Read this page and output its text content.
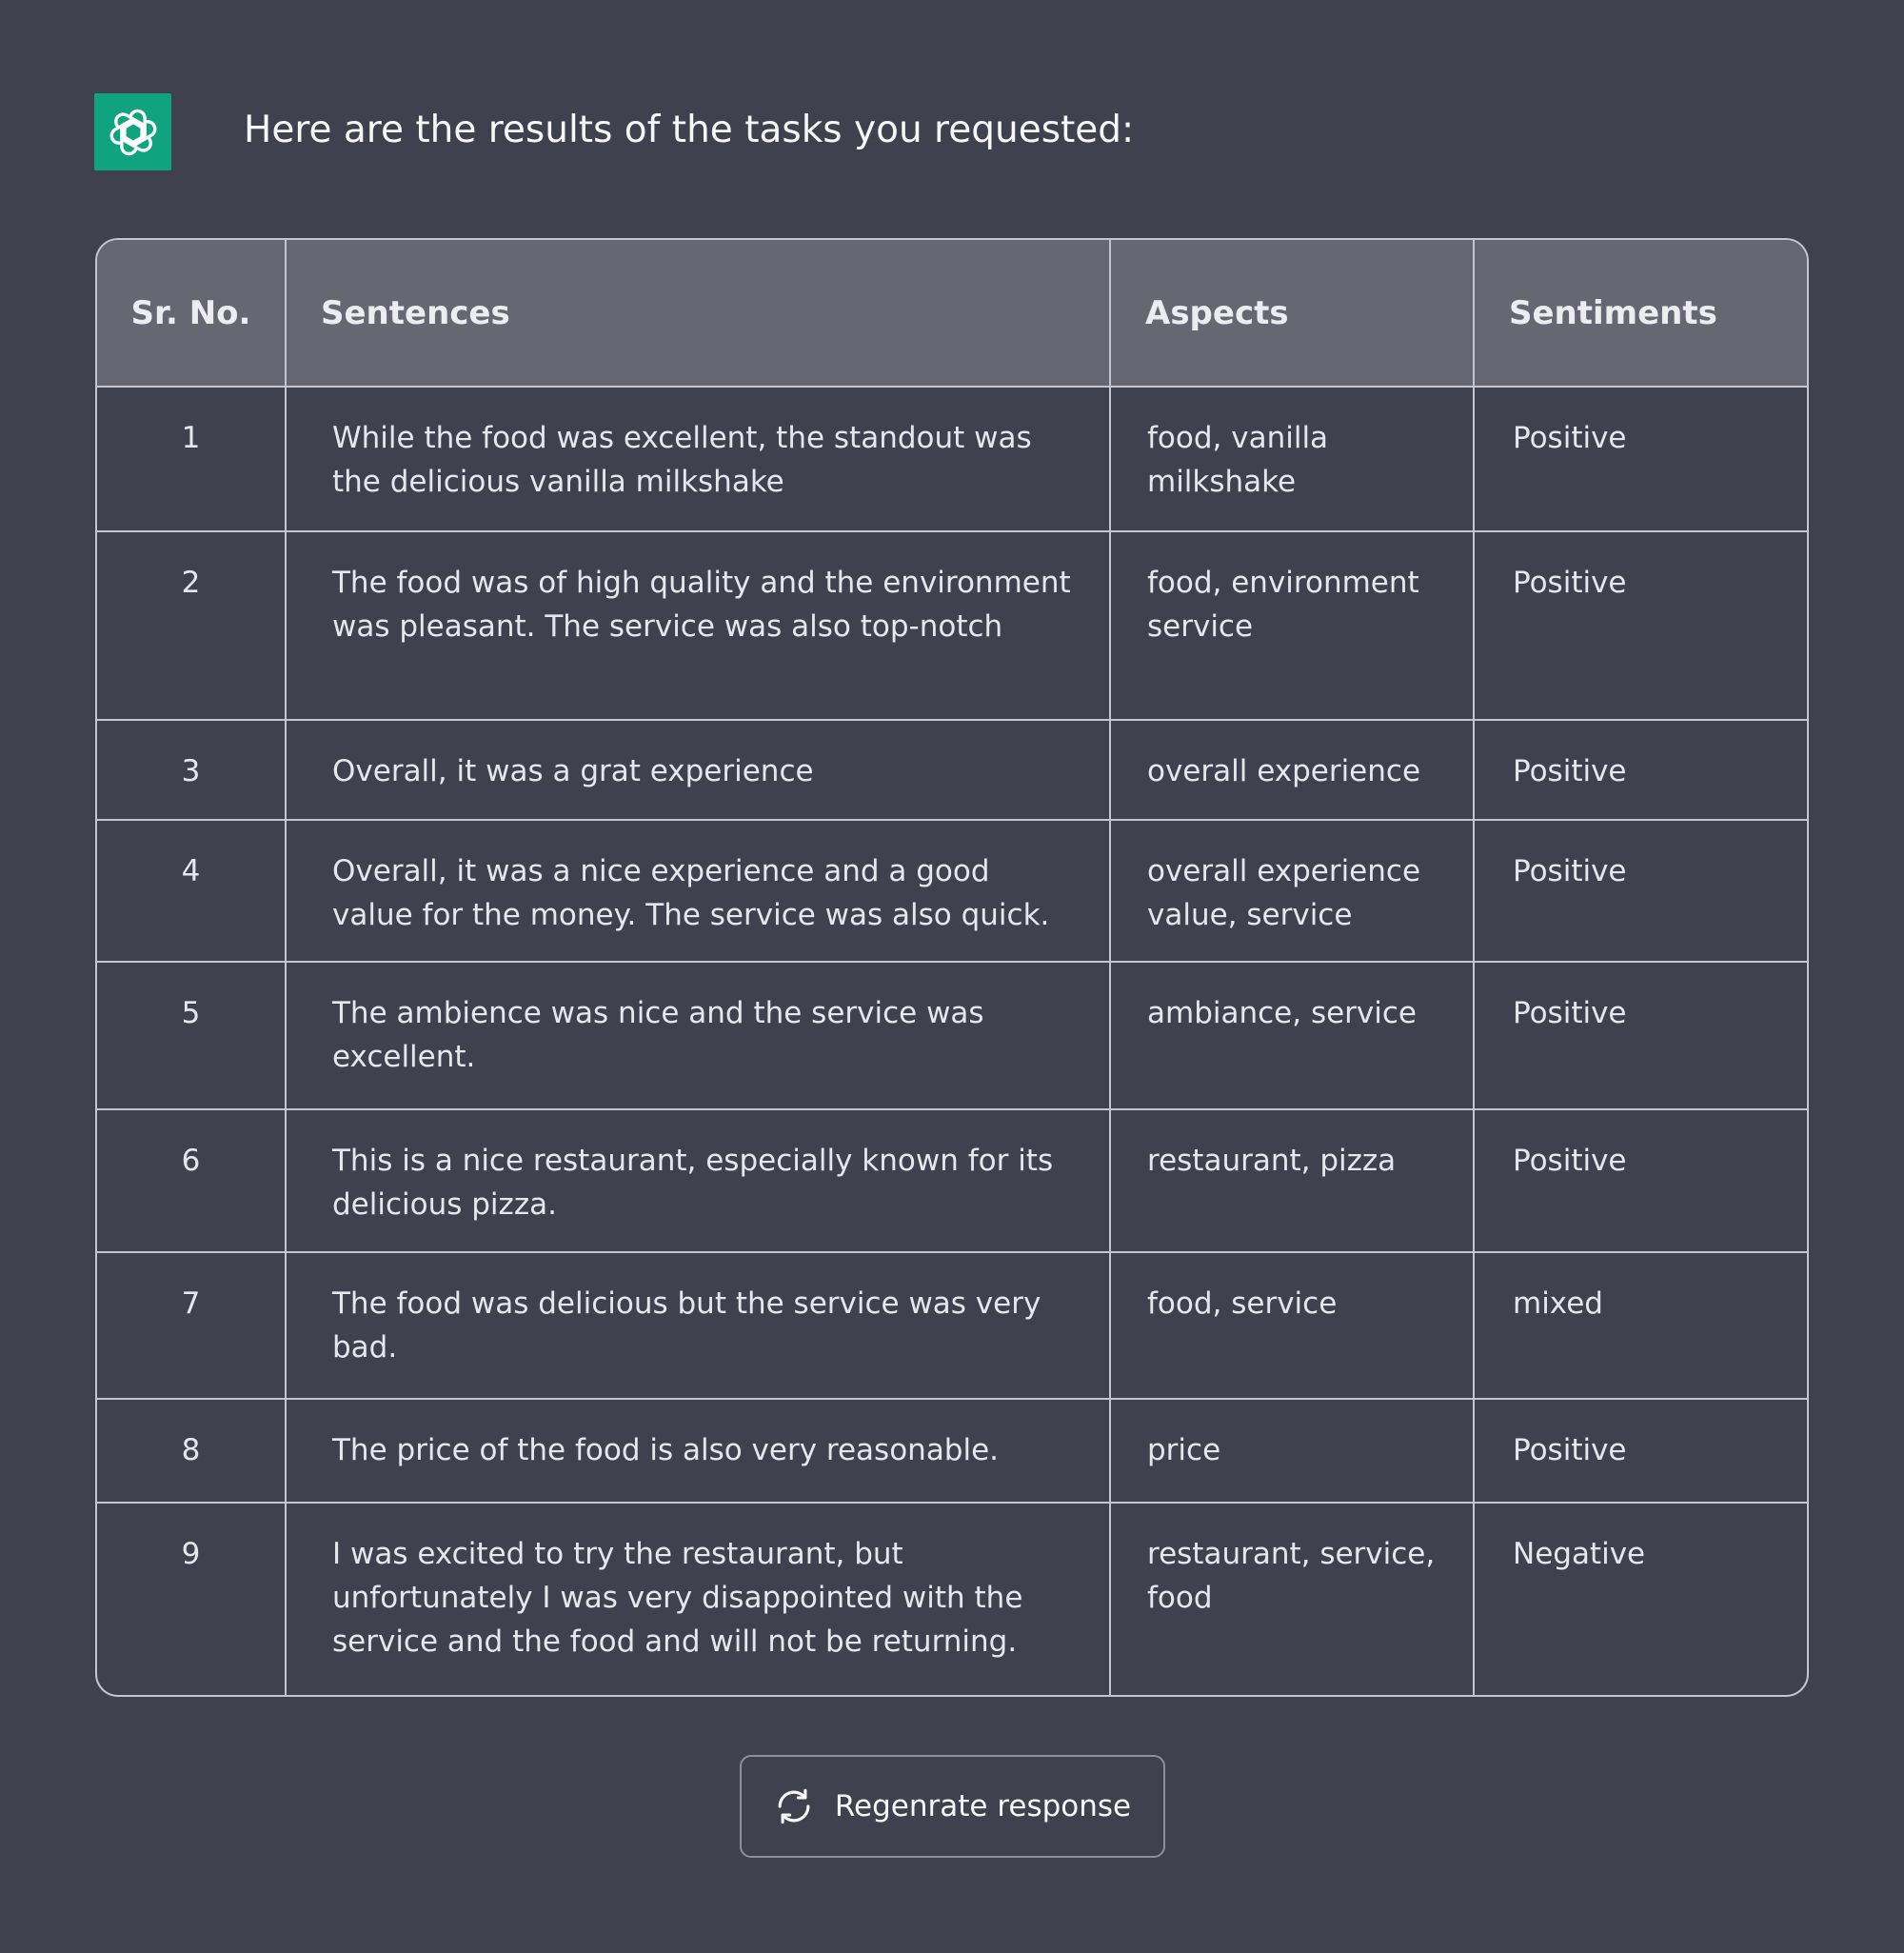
Here are the results of the tasks you requested:
Sr. No.	Sentences	Aspects	Sentiments
1	While the food was excellent, the standout was the delicious vanilla milkshake	food, vanilla milkshake	Positive
2	The food was of high quality and the environment was pleasant. The service was also top-notch	food, environment service	Positive
3	Overall, it was a grat experience	overall experience	Positive
4	Overall, it was a nice experience and a good value for the money. The service was also quick.	overall experience value, service	Positive
5	The ambience was nice and the service was excellent.	ambiance, service	Positive
6	This is a nice restaurant, especially known for its delicious pizza.	restaurant, pizza	Positive
7	The food was delicious but the service was very bad.	food, service	mixed
8	The price of the food is also very reasonable.	price	Positive
9	I was excited to try the restaurant, but unfortunately I was very disappointed with the service and the food and will not be returning.	restaurant, service, food	Negative
Regenrate response
